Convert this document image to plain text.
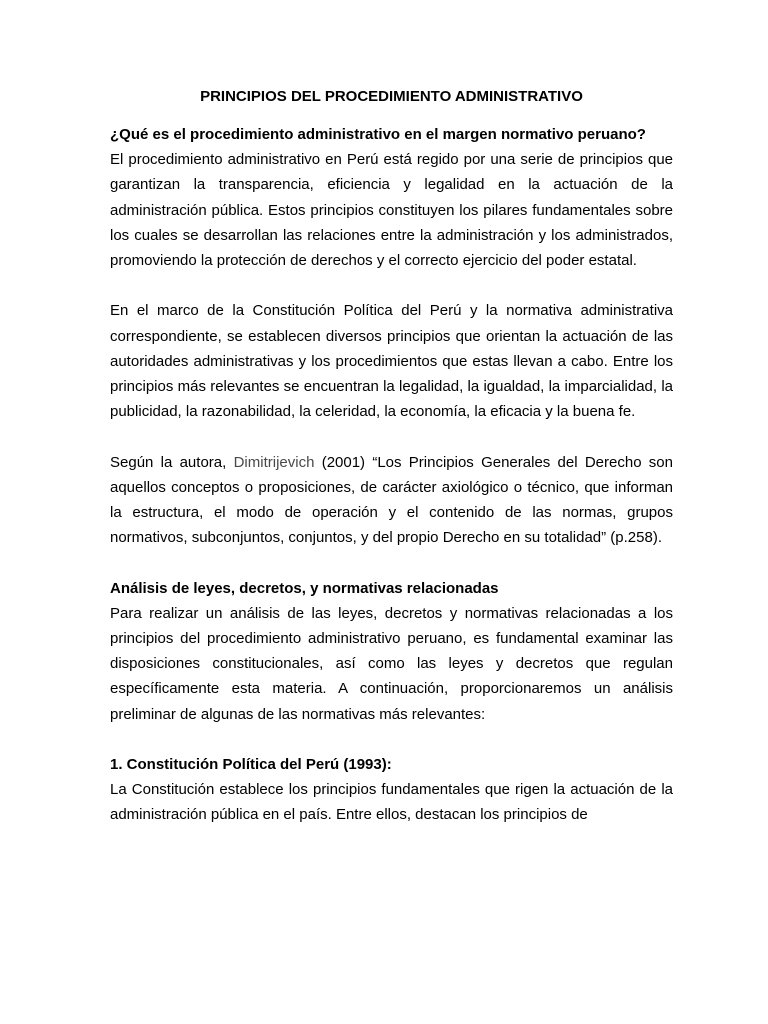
PRINCIPIOS DEL PROCEDIMIENTO ADMINISTRATIVO
¿Qué es el procedimiento administrativo en el margen normativo peruano?

El procedimiento administrativo en Perú está regido por una serie de principios que garantizan la transparencia, eficiencia y legalidad en la actuación de la administración pública. Estos principios constituyen los pilares fundamentales sobre los cuales se desarrollan las relaciones entre la administración y los administrados, promoviendo la protección de derechos y el correcto ejercicio del poder estatal.

En el marco de la Constitución Política del Perú y la normativa administrativa correspondiente, se establecen diversos principios que orientan la actuación de las autoridades administrativas y los procedimientos que estas llevan a cabo. Entre los principios más relevantes se encuentran la legalidad, la igualdad, la imparcialidad, la publicidad, la razonabilidad, la celeridad, la economía, la eficacia y la buena fe.

Según la autora, Dimitrijevich (2001) “Los Principios Generales del Derecho son aquellos conceptos o proposiciones, de carácter axiológico o técnico, que informan la estructura, el modo de operación y el contenido de las normas, grupos normativos, subconjuntos, conjuntos, y del propio Derecho en su totalidad” (p.258).

Análisis de leyes, decretos, y normativas relacionadas

Para realizar un análisis de las leyes, decretos y normativas relacionadas a los principios del procedimiento administrativo peruano, es fundamental examinar las disposiciones constitucionales, así como las leyes y decretos que regulan específicamente esta materia. A continuación, proporcionaremos un análisis preliminar de algunas de las normativas más relevantes:

1. Constitución Política del Perú (1993):

La Constitución establece los principios fundamentales que rigen la actuación de la administración pública en el país. Entre ellos, destacan los principios de
